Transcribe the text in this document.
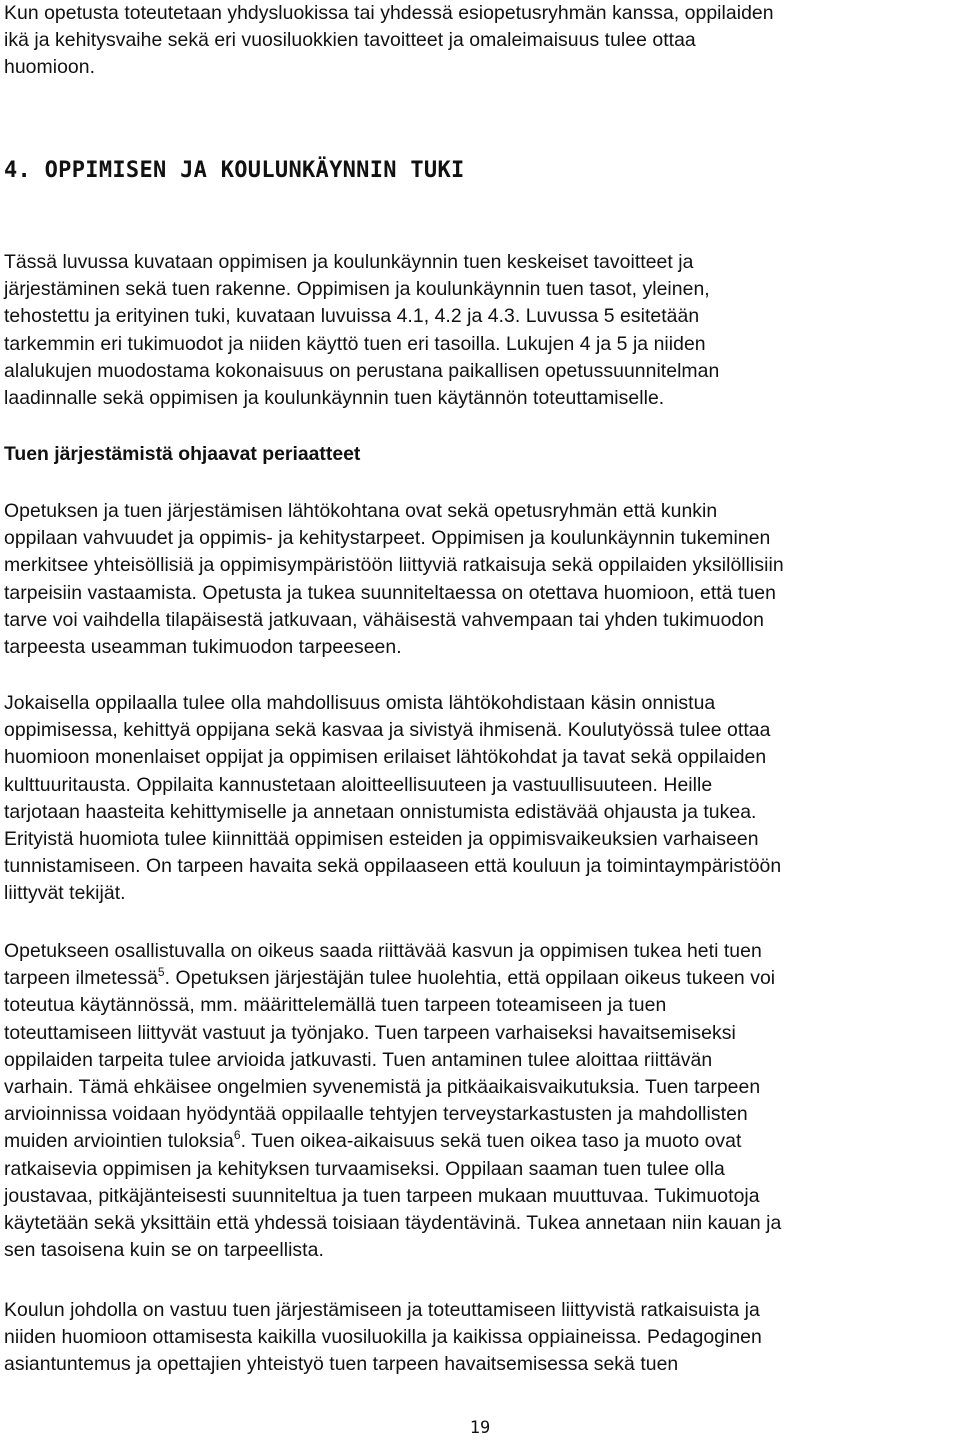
Kun opetusta toteutetaan yhdysluokissa tai yhdessä esiopetusryhmän kanssa, oppilaiden
ikä ja kehitysvaihe sekä eri vuosiluokkien tavoitteet ja omaleimaisuus tulee ottaa
huomioon.
4. OPPIMISEN JA KOULUNKÄYNNIN TUKI
Tässä luvussa kuvataan oppimisen ja koulunkäynnin tuen keskeiset tavoitteet ja
järjestäminen sekä tuen rakenne. Oppimisen ja koulunkäynnin tuen tasot, yleinen,
tehostettu ja erityinen tuki, kuvataan luvuissa 4.1, 4.2 ja 4.3. Luvussa 5 esitetään
tarkemmin eri tukimuodot ja niiden käyttö tuen eri tasoilla. Lukujen 4 ja 5 ja niiden
alalukujen muodostama kokonaisuus on perustana paikallisen opetussuunnitelman
laadinnalle sekä oppimisen ja koulunkäynnin tuen käytännön toteuttamiselle.
Tuen järjestämistä ohjaavat periaatteet
Opetuksen ja tuen järjestämisen lähtökohtana ovat sekä opetusryhmän että kunkin
oppilaan vahvuudet ja oppimis- ja kehitystarpeet. Oppimisen ja koulunkäynnin tukeminen
merkitsee yhteisöllisiä ja oppimisympäristöön liittyviä ratkaisuja sekä oppilaiden yksilöllisiin
tarpeisiin vastaamista. Opetusta ja tukea suunniteltaessa on otettava huomioon, että tuen
tarve voi vaihdella tilapäisestä jatkuvaan, vähäisestä vahvempaan tai yhden tukimuodon
tarpeesta useamman tukimuodon tarpeeseen.
Jokaisella oppilaalla tulee olla mahdollisuus omista lähtökohdistaan käsin onnistua
oppimisessa, kehittyä oppijana sekä kasvaa ja sivistyä ihmisenä. Koulutyössä tulee ottaa
huomioon monenlaiset oppijat ja oppimisen erilaiset lähtökohdat ja tavat sekä oppilaiden
kulttuuritausta. Oppilaita kannustetaan aloitteellisuuteen ja vastuullisuuteen. Heille
tarjotaan haasteita kehittymiselle ja annetaan onnistumista edistävää ohjausta ja tukea.
Erityistä huomiota tulee kiinnittää oppimisen esteiden ja oppimisvaikeuksien varhaiseen
tunnistamiseen. On tarpeen havaita sekä oppilaaseen että kouluun ja toimintaympäristöön
liittyvät tekijät.
Opetukseen osallistuvalla on oikeus saada riittävää kasvun ja oppimisen tukea heti tuen
tarpeen ilmetessä$^5$. Opetuksen järjestäjän tulee huolehtia, että oppilaan oikeus tukeen voi
toteutua käytännössä, mm. määrittelemällä tuen tarpeen toteamiseen ja tuen
toteuttamiseen liittyvät vastuut ja työnjako. Tuen tarpeen varhaiseksi havaitsemiseksi
oppilaiden tarpeita tulee arvioida jatkuvasti. Tuen antaminen tulee aloittaa riittävän
varhain. Tämä ehkäisee ongelmien syvenemistä ja pitkäaikaisvaikutuksia. Tuen tarpeen
arvioinnissa voidaan hyödyntää oppilaalle tehtyjen terveystarkastusten ja mahdollisten
muiden arviointien tuloksia$^6$. Tuen oikea-aikaisuus sekä tuen oikea taso ja muoto ovat
ratkaisevia oppimisen ja kehityksen turvaamiseksi. Oppilaan saaman tuen tulee olla
joustavaa, pitkäjänteisesti suunniteltua ja tuen tarpeen mukaan muuttuvaa. Tukimuotoja
käytetään sekä yksittäin että yhdessä toisiaan täydentävinä. Tukea annetaan niin kauan ja
sen tasoisena kuin se on tarpeellista.
Koulun johdolla on vastuu tuen järjestämiseen ja toteuttamiseen liittyvistä ratkaisuista ja
niiden huomioon ottamisesta kaikilla vuosiluokilla ja kaikissa oppiaineissa. Pedagoginen
asiantuntemus ja opettajien yhteistyö tuen tarpeen havaitsemisessa sekä tuen
19
